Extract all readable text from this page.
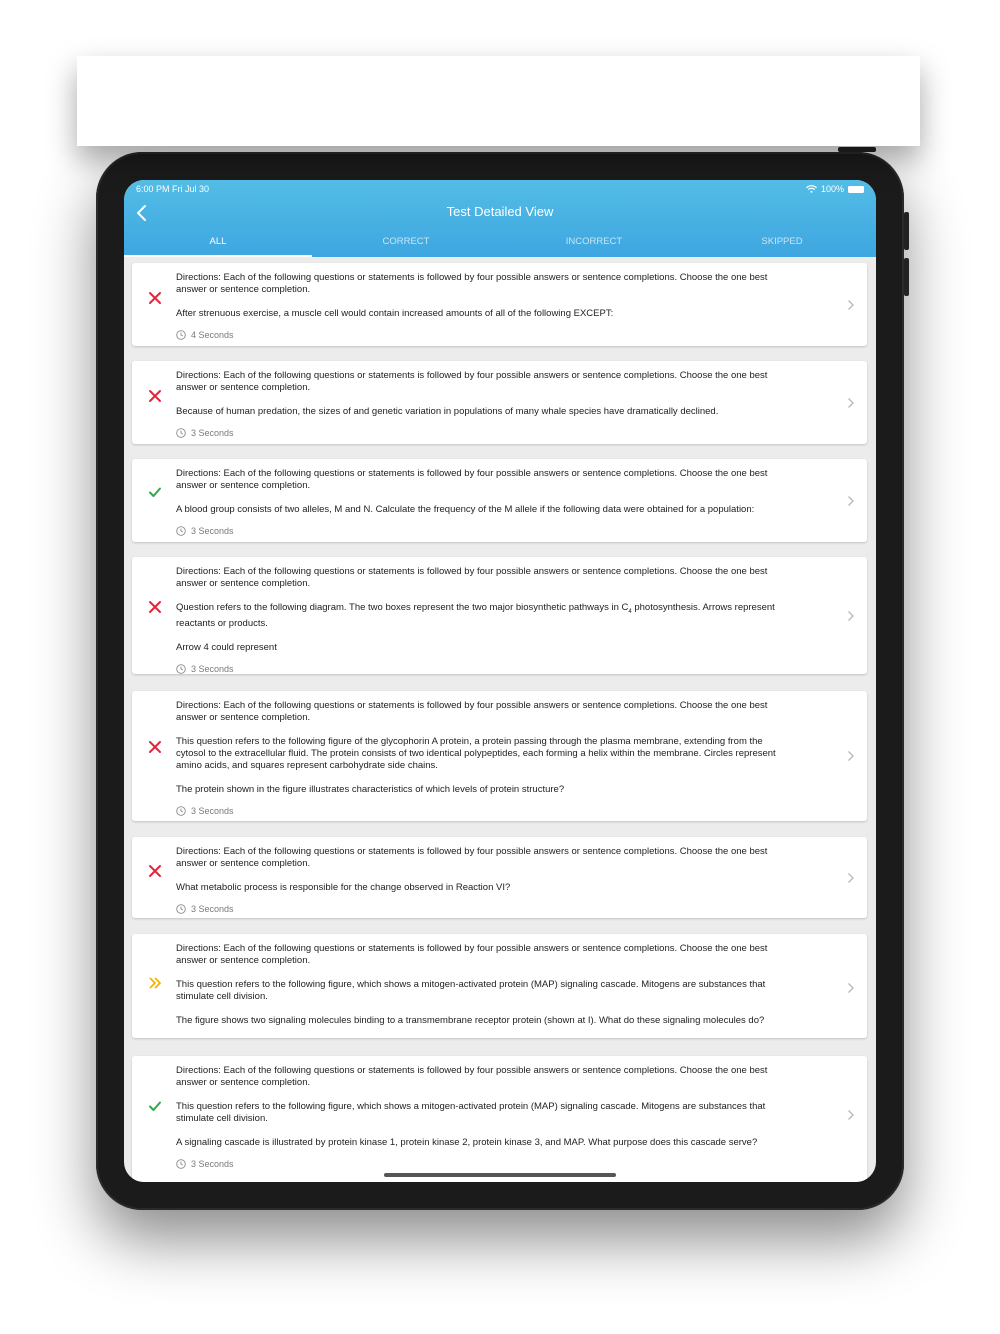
6:00 PM Fri Jul 30	100%
Test Detailed View
ALL	CORRECT	INCORRECT	SKIPPED

Directions: Each of the following questions or statements is followed by four possible answers or sentence completions. Choose the one best answer or sentence completion.

After strenuous exercise, a muscle cell would contain increased amounts of all of the following EXCEPT:

4 Seconds

Directions: Each of the following questions or statements is followed by four possible answers or sentence completions. Choose the one best answer or sentence completion.

Because of human predation, the sizes of and genetic variation in populations of many whale species have dramatically declined.

3 Seconds

Directions: Each of the following questions or statements is followed by four possible answers or sentence completions. Choose the one best answer or sentence completion.

A blood group consists of two alleles, M and N. Calculate the frequency of the M allele if the following data were obtained for a population:

3 Seconds

Directions: Each of the following questions or statements is followed by four possible answers or sentence completions. Choose the one best answer or sentence completion.

Question refers to the following diagram. The two boxes represent the two major biosynthetic pathways in $C_4$ photosynthesis. Arrows represent reactants or products.

Arrow 4 could represent

3 Seconds

Directions: Each of the following questions or statements is followed by four possible answers or sentence completions. Choose the one best answer or sentence completion.

This question refers to the following figure of the glycophorin A protein, a protein passing through the plasma membrane, extending from the cytosol to the extracellular fluid. The protein consists of two identical polypeptides, each forming a helix within the membrane. Circles represent amino acids, and squares represent carbohydrate side chains.

The protein shown in the figure illustrates characteristics of which levels of protein structure?

3 Seconds

Directions: Each of the following questions or statements is followed by four possible answers or sentence completions. Choose the one best answer or sentence completion.

What metabolic process is responsible for the change observed in Reaction VI?

3 Seconds

Directions: Each of the following questions or statements is followed by four possible answers or sentence completions. Choose the one best answer or sentence completion.

This question refers to the following figure, which shows a mitogen-activated protein (MAP) signaling cascade. Mitogens are substances that stimulate cell division.

The figure shows two signaling molecules binding to a transmembrane receptor protein (shown at I). What do these signaling molecules do?

Directions: Each of the following questions or statements is followed by four possible answers or sentence completions. Choose the one best answer or sentence completion.

This question refers to the following figure, which shows a mitogen-activated protein (MAP) signaling cascade. Mitogens are substances that stimulate cell division.

A signaling cascade is illustrated by protein kinase 1, protein kinase 2, protein kinase 3, and MAP. What purpose does this cascade serve?

3 Seconds
